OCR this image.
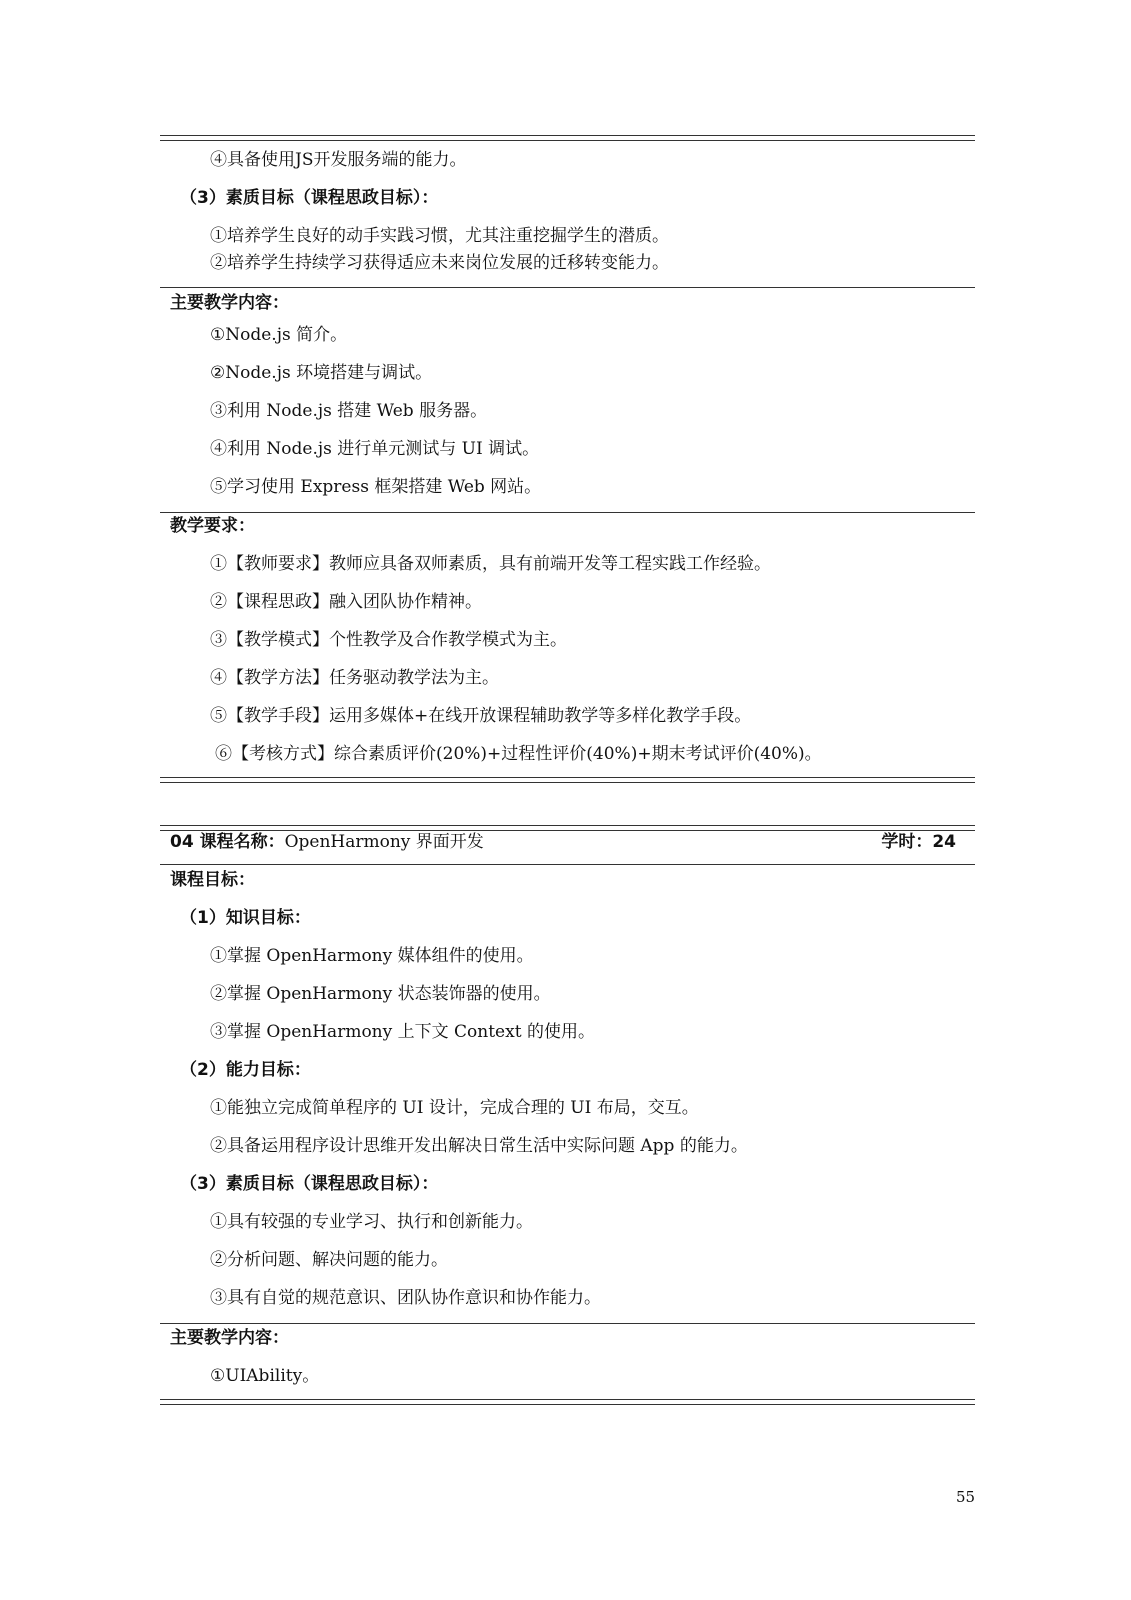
④具备使用JS开发服务端的能力。
（3）素质目标（课程思政目标）：
①培养学生良好的动手实践习惯，尤其注重挖掘学生的潜质。
②培养学生持续学习获得适应未来岗位发展的迁移转变能力。
主要教学内容：
①Node.js 简介。
②Node.js 环境搭建与调试。
③利用 Node.js 搭建 Web 服务器。
④利用 Node.js 进行单元测试与 UI 调试。
⑤学习使用 Express 框架搭建 Web 网站。
教学要求：
①【教师要求】教师应具备双师素质，具有前端开发等工程实践工作经验。
②【课程思政】融入团队协作精神。
③【教学模式】个性教学及合作教学模式为主。
④【教学方法】任务驱动教学法为主。
⑤【教学手段】运用多媒体+在线开放课程辅助教学等多样化教学手段。
⑥【考核方式】综合素质评价(20%)+过程性评价(40%)+期末考试评价(40%)。
04 课程名称：OpenHarmony 界面开发	学时：24
课程目标：
（1）知识目标：
①掌握 OpenHarmony 媒体组件的使用。
②掌握 OpenHarmony 状态装饰器的使用。
③掌握 OpenHarmony 上下文 Context 的使用。
（2）能力目标：
①能独立完成简单程序的 UI 设计，完成合理的 UI 布局，交互。
②具备运用程序设计思维开发出解决日常生活中实际问题 App 的能力。
（3）素质目标（课程思政目标）：
①具有较强的专业学习、执行和创新能力。
②分析问题、解决问题的能力。
③具有自觉的规范意识、团队协作意识和协作能力。
主要教学内容：
①UIAbility。
55
